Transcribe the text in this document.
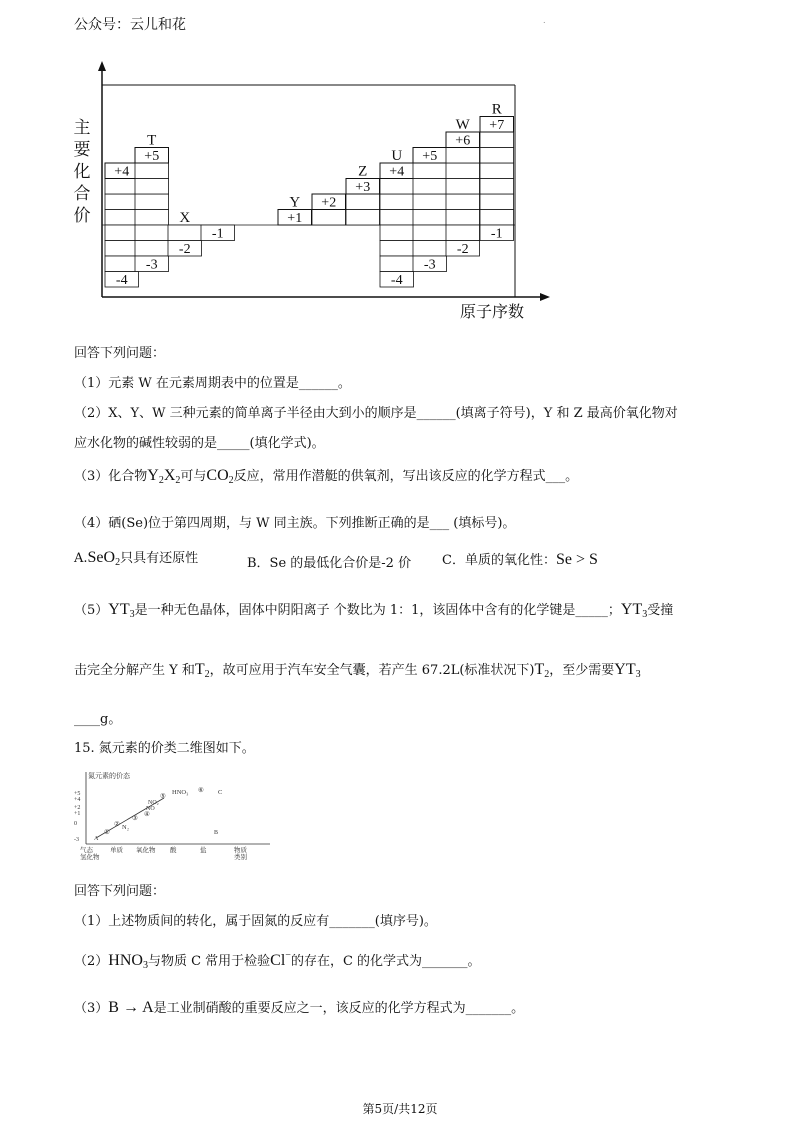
公众号：云儿和花	.
主
要
化
合
价
原子序数
+4
-4
+5
-3
T
-2
X
-1
+1
Y +2
+3
Z +4
-4
U +5
-3
+6
-2
W +7
-1
R
回答下列问题：
（1）元素 W 在元素周期表中的位置是______。
（2）X、Y、W 三种元素的简单离子半径由大到小的顺序是______(填离子符号)，Y 和 Z 最高价氧化物对
应水化物的碱性较弱的是_____(填化学式)。
（3）化合物$Y_2X_2$可与$CO_2$反应，常用作潜艇的供氧剂，写出该反应的化学方程式___。
（4）硒(Se)位于第四周期，与 W 同主族。下列推断正确的是___ (填标号)。
A.SeO$_2$只具有还原性	B．Se 的最低化合价是-2 价 C．单质的氧化性：Se > S
$(5)YT_3$是一种无色晶体，固体中阴阳离子 个数比为 1：1，该固体中含有的化学键是_____；$YT_3$受撞
击完全分解产生 Y 和$T_2$，故可应用于汽车安全气囊，若产生 67.2L(标准状况下)$T_2$，至少需要$YT_3$
____g。
15. 氮元素的价类二维图如下。
氮元素的价态
+5
+4
+2
+1
0
-3
气态
氢化物
单质 氧化物 酸	盐	物质
类别
A
N₂
NO₂
HNO₃	C
B
NO
①
②
③
④
⑤
⑥
回答下列问题：
（1）上述物质间的转化，属于固氮的反应有_______(填序号)。
$(2)HNO_3$与物质 C 常用于检验Cl−的存在，C 的化学式为_______。
（3）B → A是工业制硝酸的重要反应之一，该反应的化学方程式为_______。
第5页/共12页
